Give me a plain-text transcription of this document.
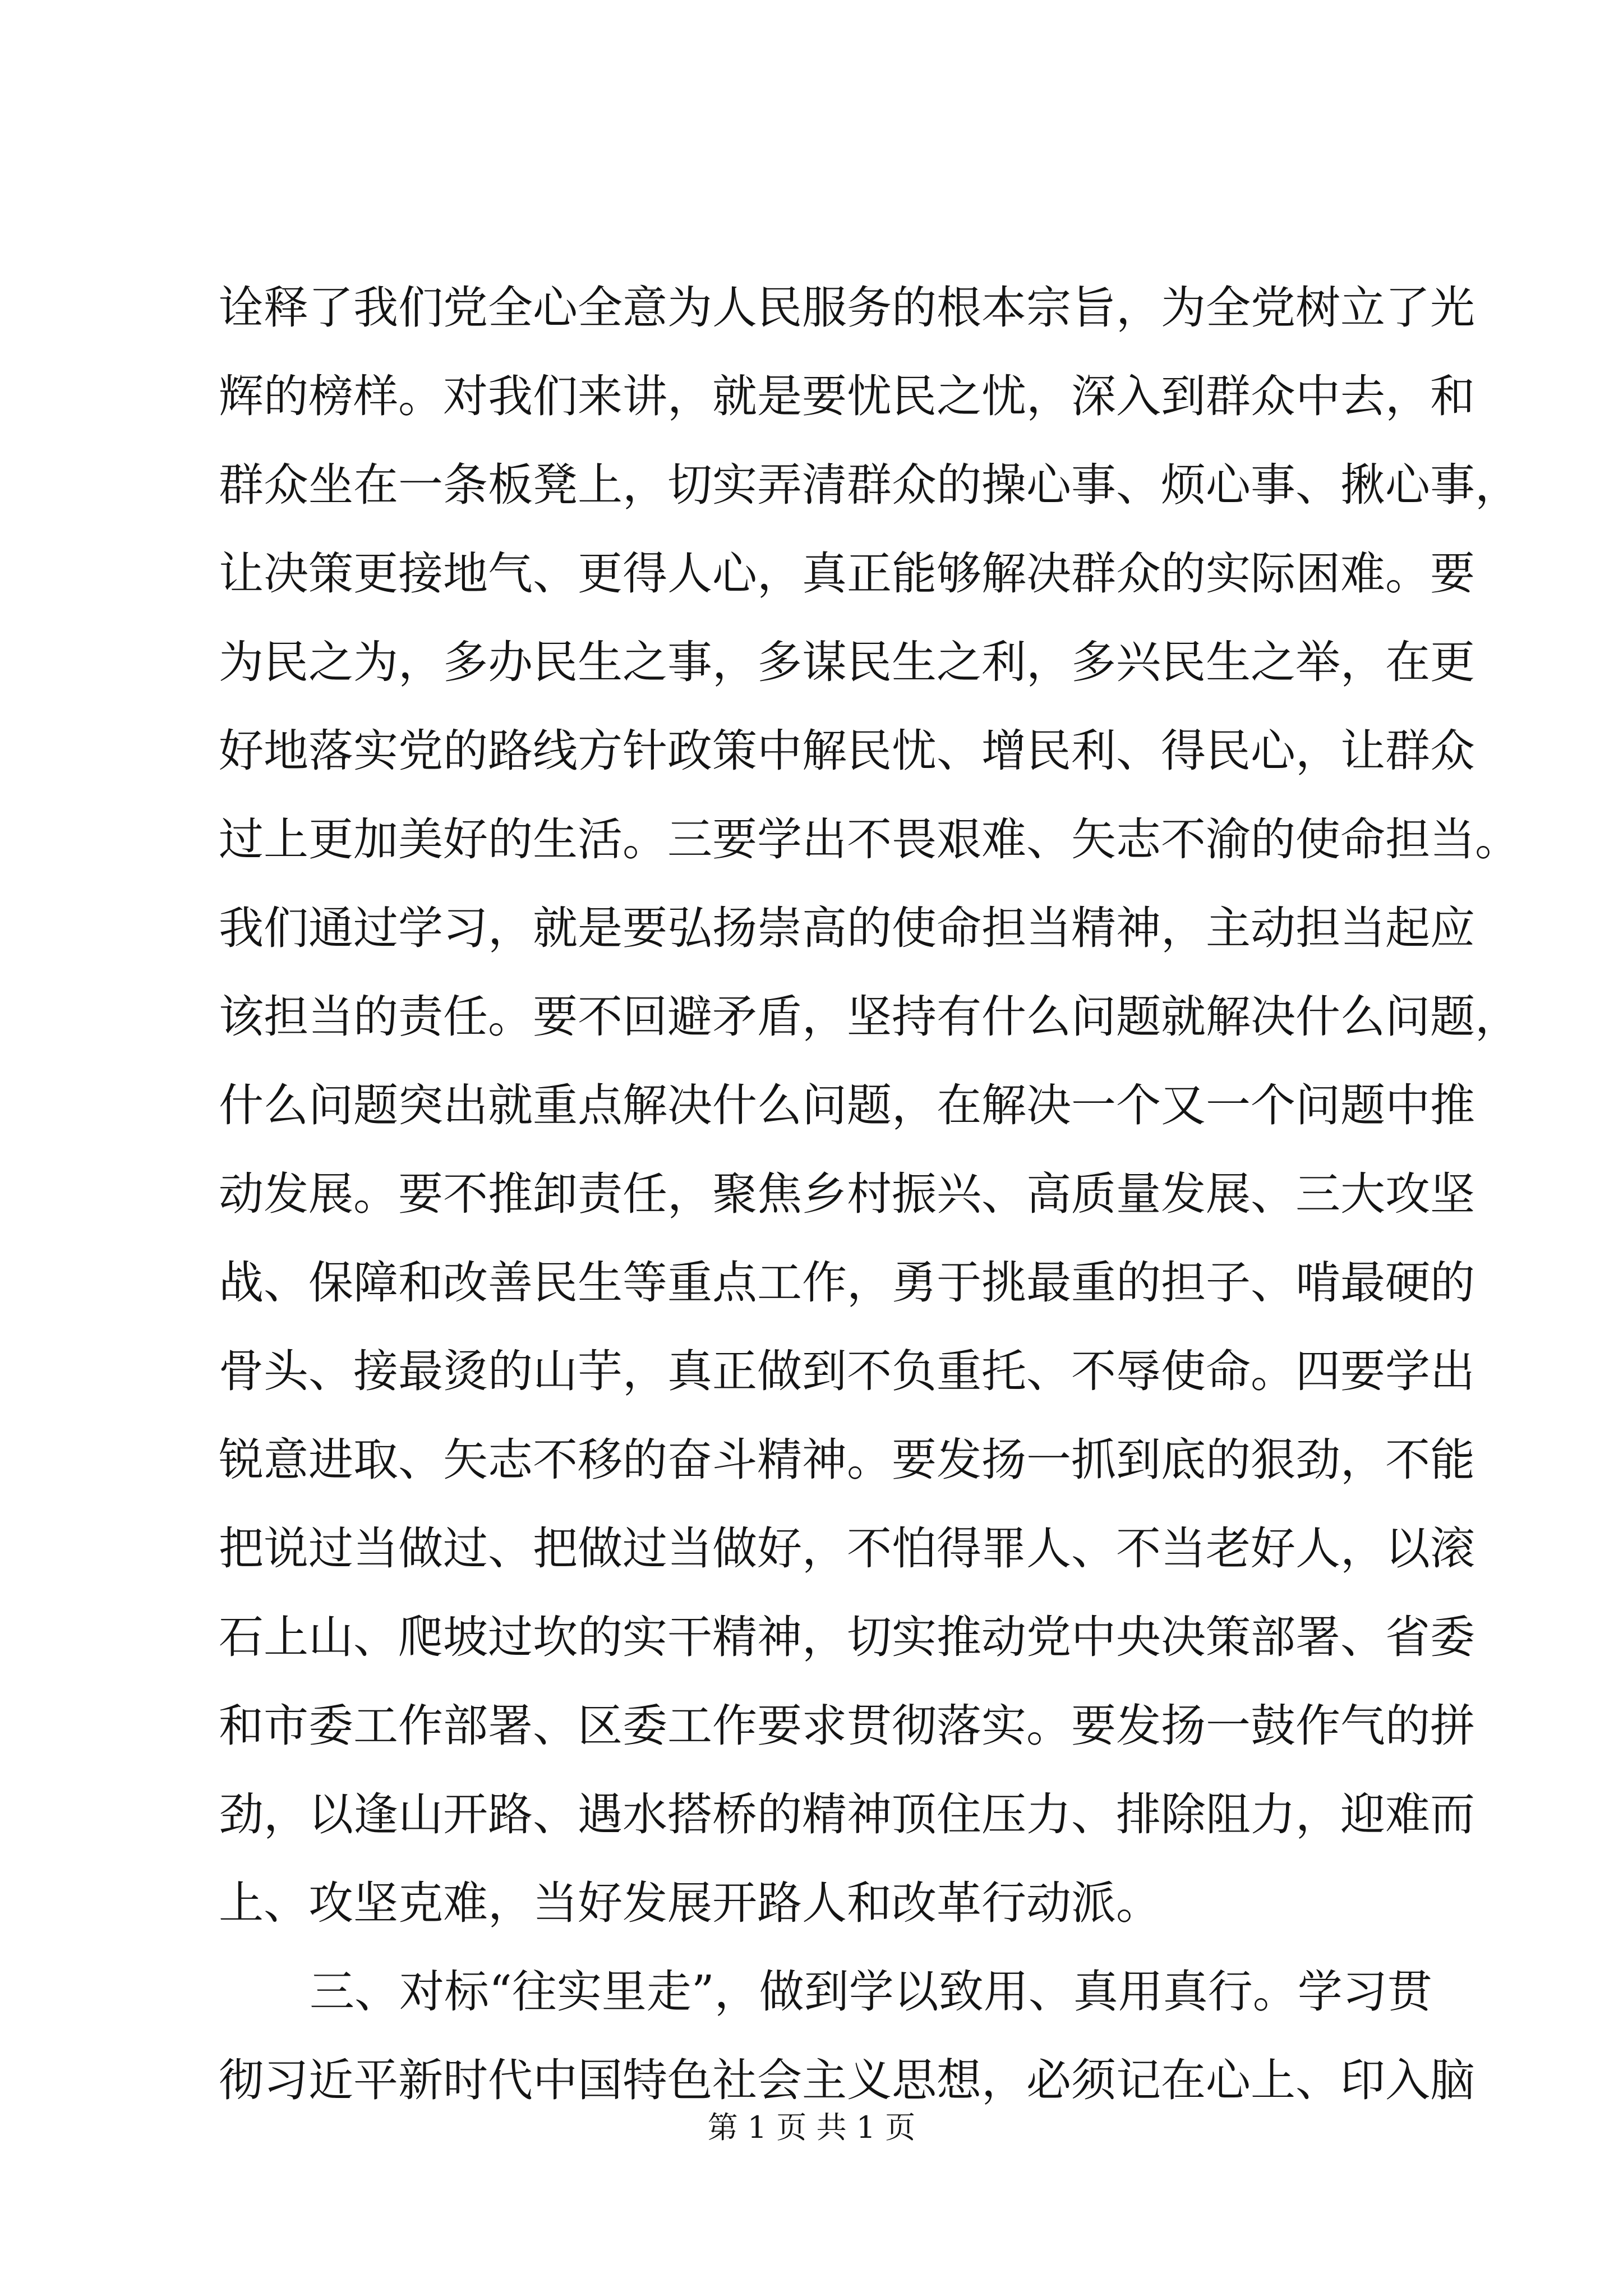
诠释了我们党全心全意为人民服务的根本宗旨，为全党树立了光
辉的榜样。对我们来讲，就是要忧民之忧，深入到群众中去，和
群众坐在一条板凳上，切实弄清群众的操心事、烦心事、揪心事，
让决策更接地气、更得人心，真正能够解决群众的实际困难。要
为民之为，多办民生之事，多谋民生之利，多兴民生之举，在更
好地落实党的路线方针政策中解民忧、增民利、得民心，让群众
过上更加美好的生活。三要学出不畏艰难、矢志不渝的使命担当。
我们通过学习，就是要弘扬崇高的使命担当精神，主动担当起应
该担当的责任。要不回避矛盾，坚持有什么问题就解决什么问题，
什么问题突出就重点解决什么问题，在解决一个又一个问题中推
动发展。要不推卸责任，聚焦乡村振兴、高质量发展、三大攻坚
战、保障和改善民生等重点工作，勇于挑最重的担子、啃最硬的
骨头、接最烫的山芋，真正做到不负重托、不辱使命。四要学出
锐意进取、矢志不移的奋斗精神。要发扬一抓到底的狠劲，不能
把说过当做过、把做过当做好，不怕得罪人、不当老好人，以滚
石上山、爬坡过坎的实干精神，切实推动党中央决策部署、省委
和市委工作部署、区委工作要求贯彻落实。要发扬一鼓作气的拼
劲，以逢山开路、遇水搭桥的精神顶住压力、排除阻力，迎难而
上、攻坚克难，当好发展开路人和改革行动派。
三、对标“往实里走”，做到学以致用、真用真行。学习贯
彻习近平新时代中国特色社会主义思想，必须记在心上、印入脑
第 1 页 共 1 页
